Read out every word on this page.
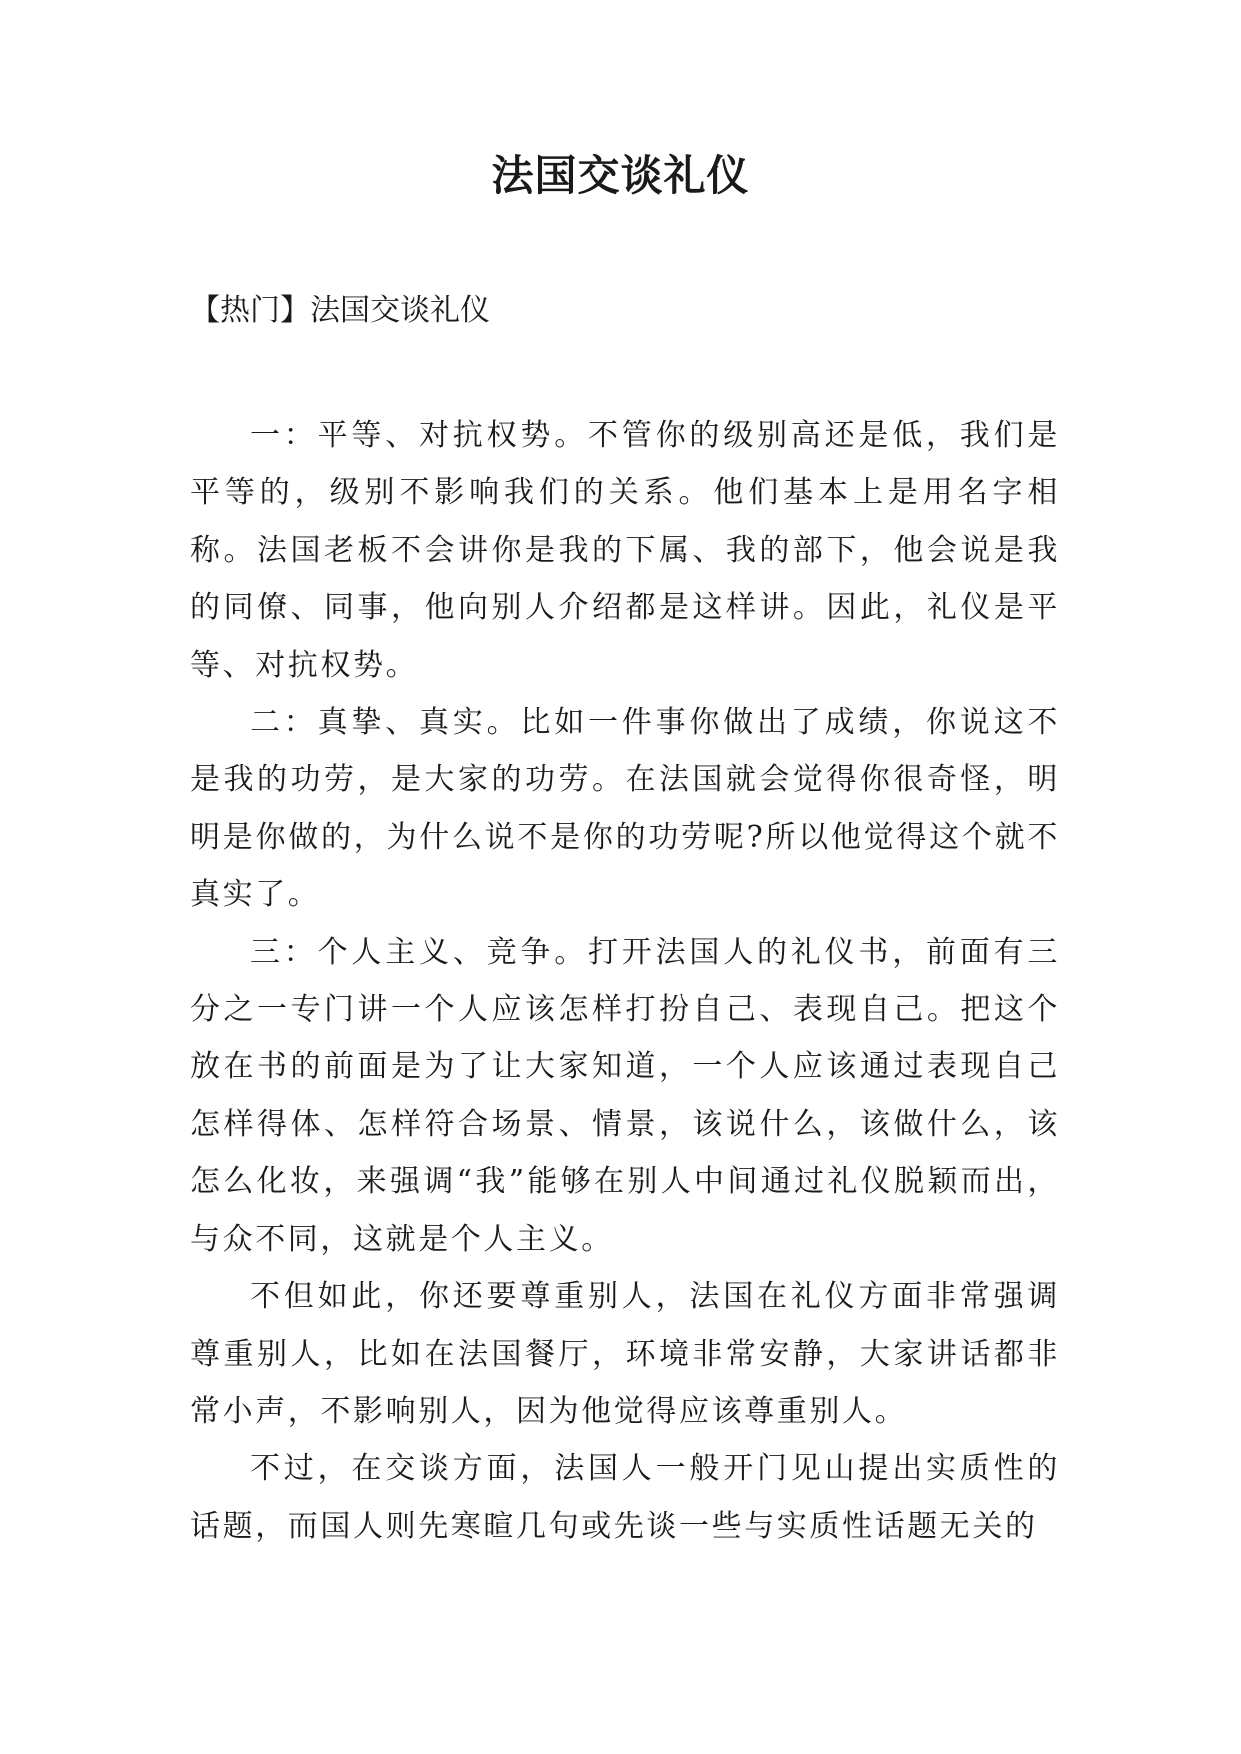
法国交谈礼仪
【热门】法国交谈礼仪

一：平等、对抗权势。不管你的级别高还是低，我们是平等的，级别不影响我们的关系。他们基本上是用名字相称。法国老板不会讲你是我的下属、我的部下，他会说是我的同僚、同事，他向别人介绍都是这样讲。因此，礼仪是平等、对抗权势。

二：真挚、真实。比如一件事你做出了成绩，你说这不是我的功劳，是大家的功劳。在法国就会觉得你很奇怪，明明是你做的，为什么说不是你的功劳呢?所以他觉得这个就不真实了。

三：个人主义、竞争。打开法国人的礼仪书，前面有三分之一专门讲一个人应该怎样打扮自己、表现自己。把这个放在书的前面是为了让大家知道，一个人应该通过表现自己怎样得体、怎样符合场景、情景，该说什么，该做什么，该怎么化妆，来强调“我”能够在别人中间通过礼仪脱颖而出，与众不同，这就是个人主义。

不但如此，你还要尊重别人，法国在礼仪方面非常强调尊重别人，比如在法国餐厅，环境非常安静，大家讲话都非常小声，不影响别人，因为他觉得应该尊重别人。

不过，在交谈方面，法国人一般开门见山提出实质性的话题，而国人则先寒暄几句或先谈一些与实质性话题无关的
